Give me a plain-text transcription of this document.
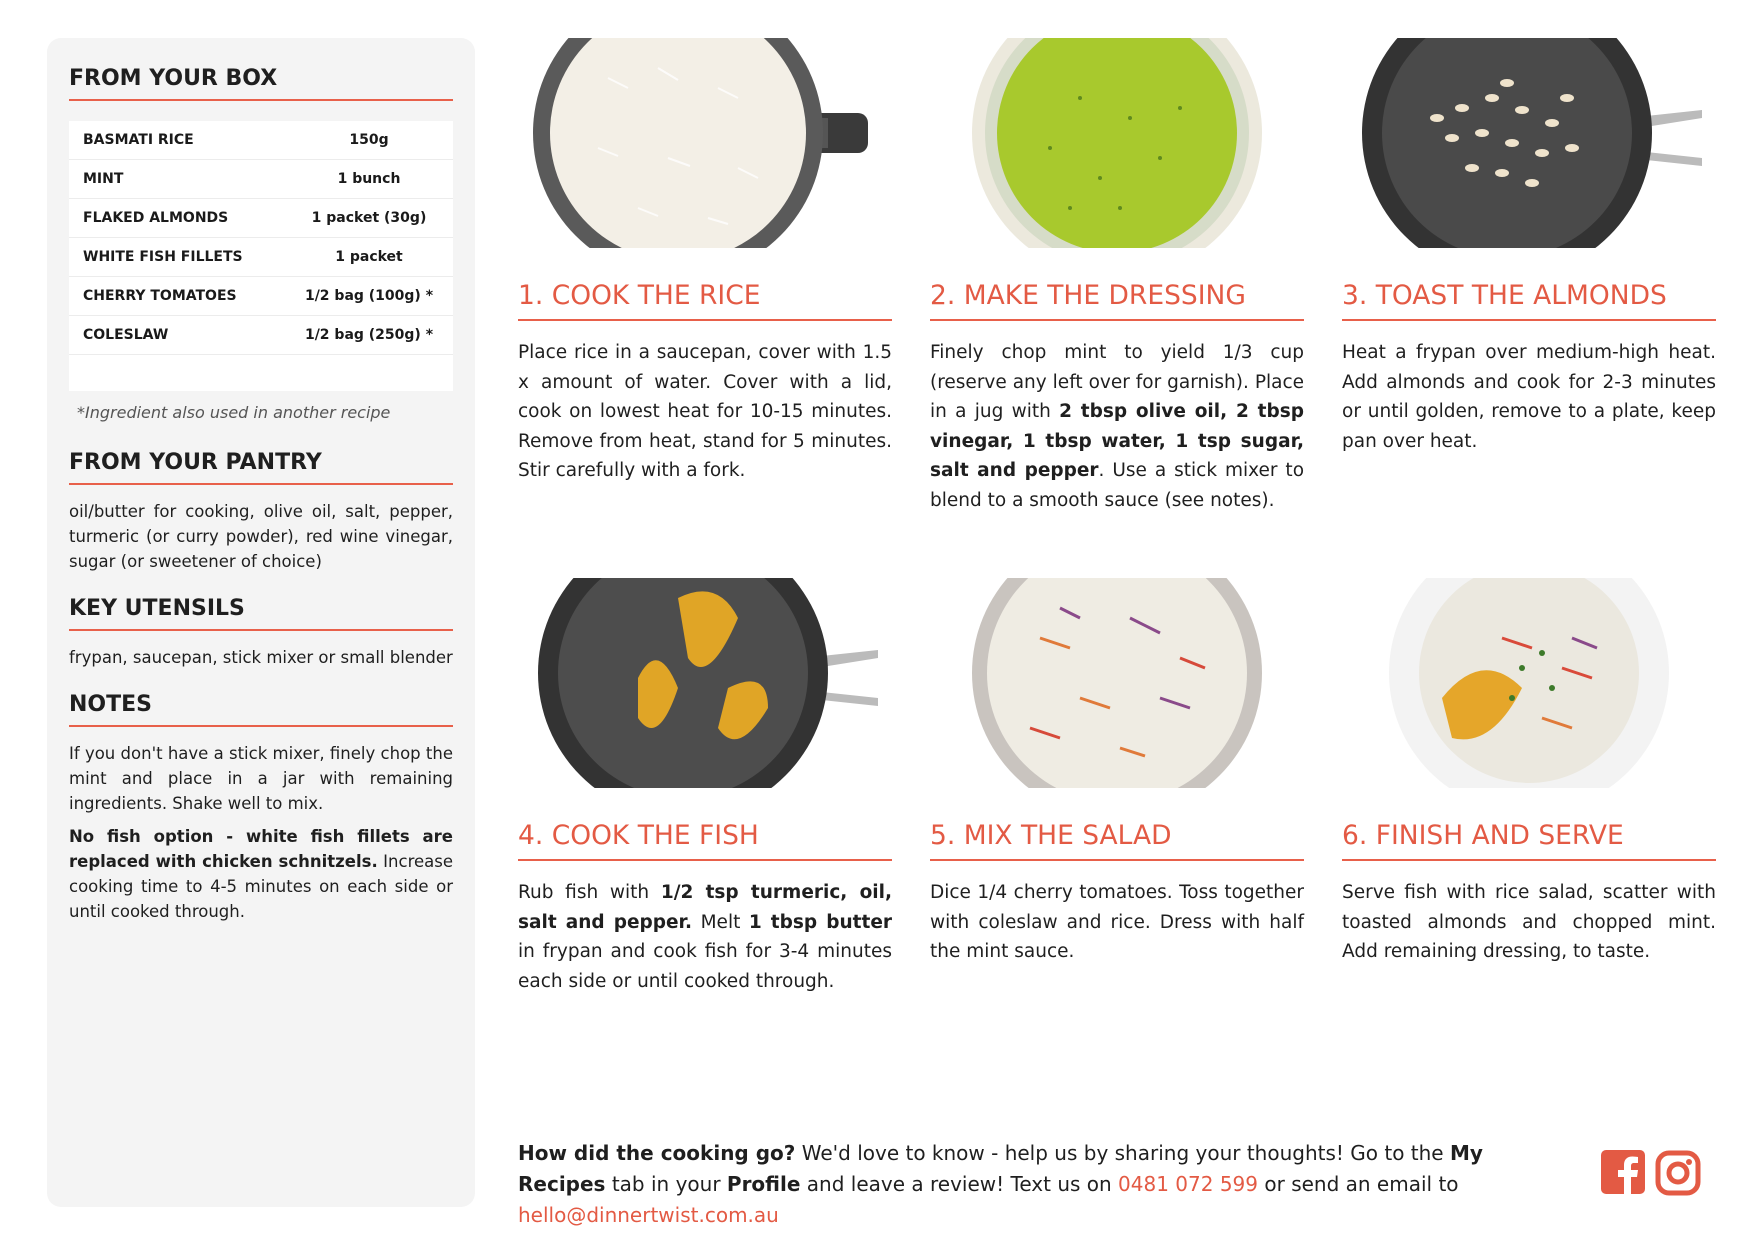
FROM YOUR BOX
BASMATI RICE	150g
MINT	1 bunch
FLAKED ALMONDS	1 packet (30g)
WHITE FISH FILLETS	1 packet
CHERRY TOMATOES	1/2 bag (100g) *
COLESLAW	1/2 bag (250g) *

*Ingredient also used in another recipe
FROM YOUR PANTRY

oil/butter for cooking, olive oil, salt, pepper, turmeric (or curry powder), red wine vinegar, sugar (or sweetener of choice)

KEY UTENSILS

frypan, saucepan, stick mixer or small blender

NOTES

If you don't have a stick mixer, finely chop the mint and place in a jar with remaining ingredients. Shake well to mix.

No fish option - white fish fillets are replaced with chicken schnitzels. Increase cooking time to 4-5 minutes on each side or until cooked through.

1. COOK THE RICE

Place rice in a saucepan, cover with 1.5 x amount of water. Cover with a lid, cook on lowest heat for 10-15 minutes. Remove from heat, stand for 5 minutes. Stir carefully with a fork.

2. MAKE THE DRESSING

Finely chop mint to yield 1/3 cup (reserve any left over for garnish). Place in a jug with 2 tbsp olive oil, 2 tbsp vinegar, 1 tbsp water, 1 tsp sugar, salt and pepper. Use a stick mixer to blend to a smooth sauce (see notes).

3. TOAST THE ALMONDS

Heat a frypan over medium-high heat. Add almonds and cook for 2-3 minutes or until golden, remove to a plate, keep pan over heat.

4. COOK THE FISH

Rub fish with 1/2 tsp turmeric, oil, salt and pepper. Melt 1 tbsp butter in frypan and cook fish for 3-4 minutes each side or until cooked through.

5. MIX THE SALAD

Dice 1/4 cherry tomatoes. Toss together with coleslaw and rice. Dress with half the mint sauce.

6. FINISH AND SERVE

Serve fish with rice salad, scatter with toasted almonds and chopped mint. Add remaining dressing, to taste.

How did the cooking go? We'd love to know - help us by sharing your thoughts! Go to the My Recipes tab in your Profile and leave a review! Text us on 0481 072 599 or send an email to hello@dinnertwist.com.au
